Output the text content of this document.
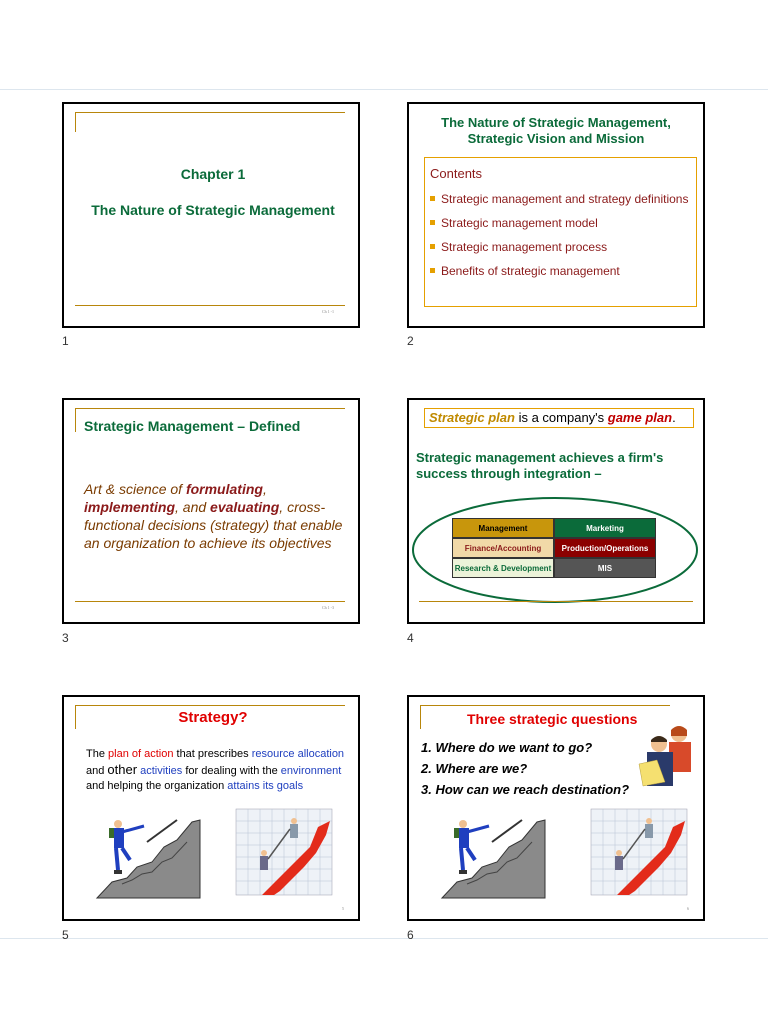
Chapter 1
The Nature of Strategic Management
Ch 1 -1
The Nature of Strategic Management,
Strategic Vision and Mission
Contents
Strategic management and strategy definitions
Strategic management model
Strategic management process
Benefits of strategic management
1	2
Strategic Management – Defined
Art & science of formulating, implementing, and evaluating, cross-functional decisions (strategy) that enable an organization to achieve its objectives
Ch 1 -3
Strategic plan is a company's game plan.
Strategic management achieves a firm's success through integration –
Management	Marketing
Finance/Accounting	Production/Operations
Research & Development	MIS
3	4
Strategy?
The plan of action that prescribes resource allocation and other activities for dealing with the environment and helping the organization attains its goals
5
Three strategic questions
1. Where do we want to go?
2. Where are we?
3. How can we reach destination?
6
5	6
